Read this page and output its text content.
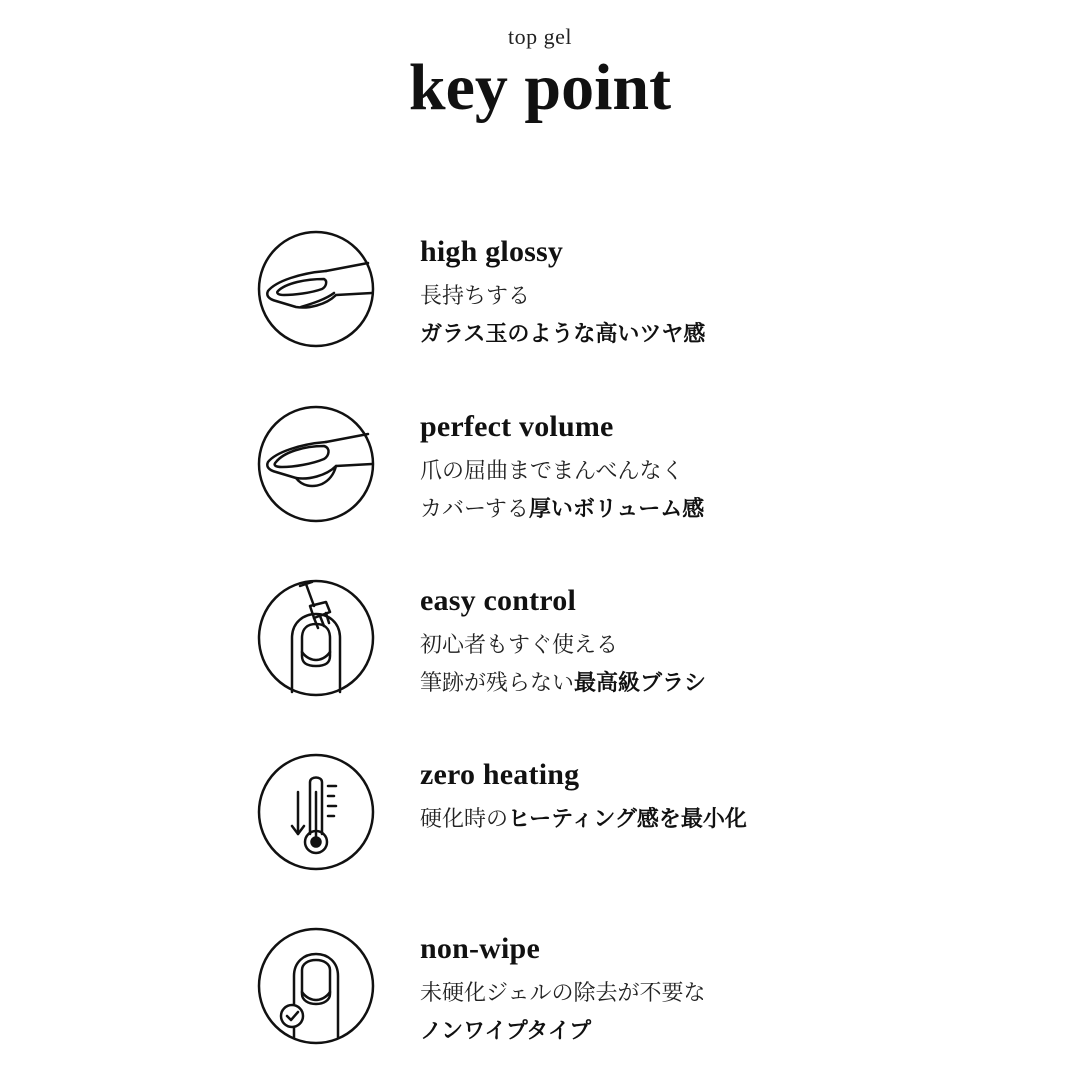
top gel
key point
high glossy
長持ちする
ガラス玉のような高いツヤ感
perfect volume
爪の屈曲までまんべんなく
カバーする厚いボリューム感
easy control
初心者もすぐ使える
筆跡が残らない最高級ブラシ
zero heating
硬化時のヒーティング感を最小化
non-wipe
未硬化ジェルの除去が不要な
ノンワイプタイプ
